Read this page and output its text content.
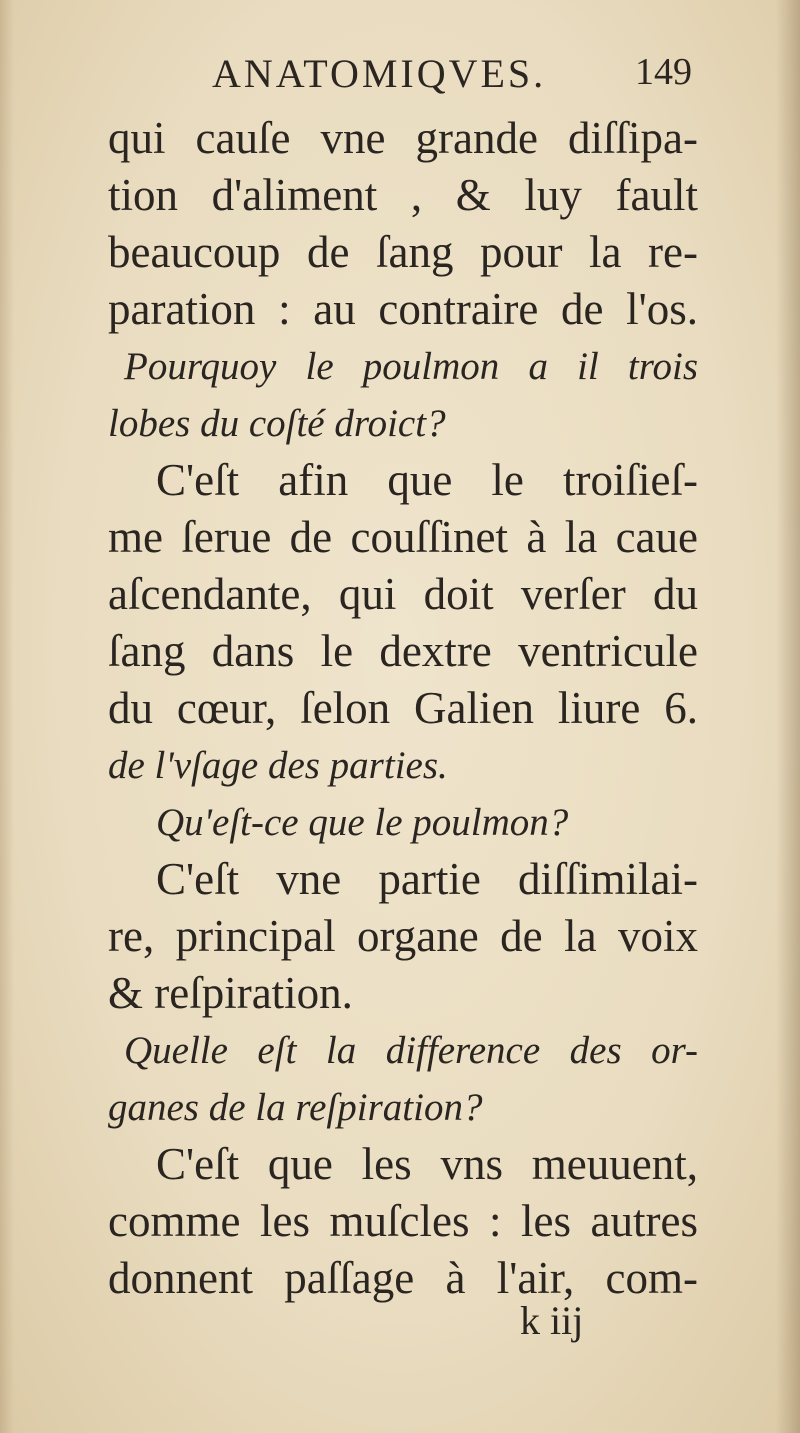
ANATOMIQVES. 149
qui cauſe vne grande diſſipa-
tion d'aliment , & luy fault
beaucoup de ſang pour la re-
paration : au contraire de l'os.
Pourquoy le poulmon a il trois
lobes du coſté droict?
C'eſt afin que le troiſieſ-
me ſerue de couſſinet à la caue
aſcendante, qui doit verſer du
ſang dans le dextre ventricule
du cœur, ſelon Galien liure 6.
de l'vſage des parties.
Qu'eſt-ce que le poulmon?
C'eſt vne partie diſſimilai-
re, principal organe de la voix
& reſpiration.
Quelle eſt la difference des or-
ganes de la reſpiration?
C'eſt que les vns meuuent,
comme les muſcles : les autres
donnent paſſage à l'air, com-
k iij
